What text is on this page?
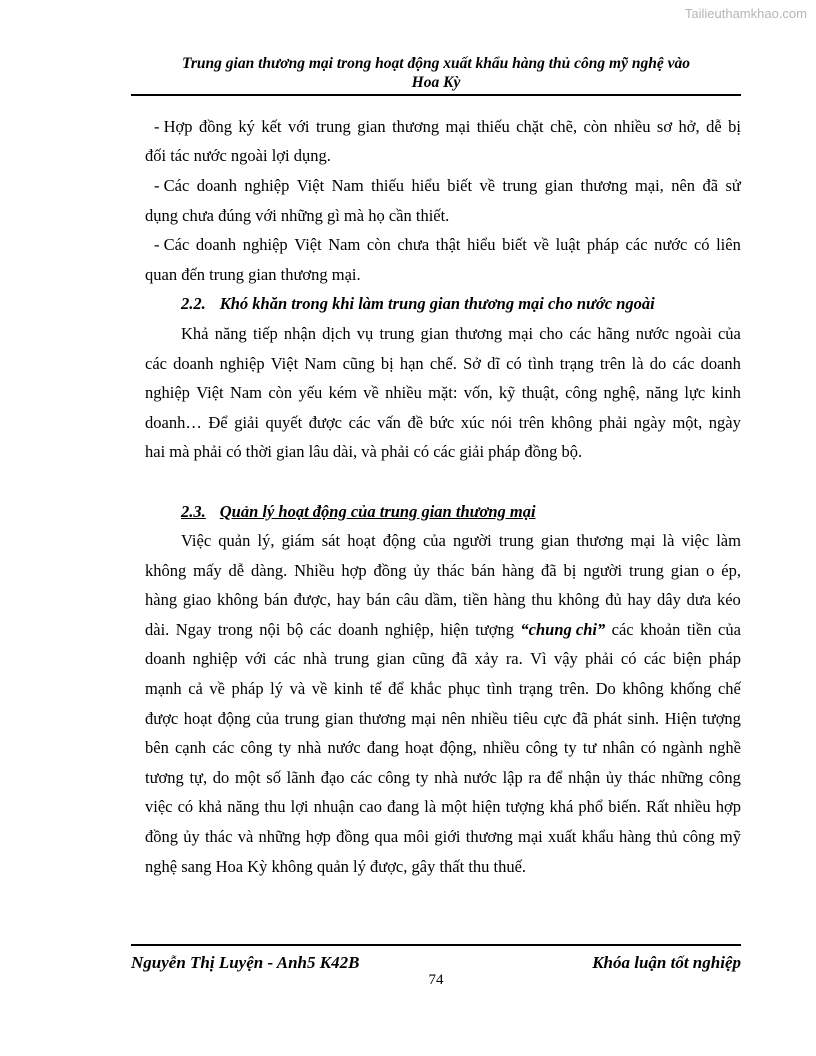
Tailieuthamkhao.com
Trung gian thương mại trong hoạt động xuất khẩu hàng thủ công mỹ nghệ vào
Hoa Kỳ
- Hợp đồng ký kết với trung gian thương mại thiếu chặt chẽ, còn nhiều sơ hở, dễ bị
đối tác nước ngoài lợi dụng.
- Các doanh nghiệp Việt Nam thiếu hiểu biết về trung gian thương mại, nên đã sử
dụng chưa đúng với những gì mà họ cần thiết.
- Các doanh nghiệp Việt Nam còn chưa thật hiểu biết về luật pháp các nước có liên
quan đến trung gian thương mại.
2.2. Khó khăn trong khi làm trung gian thương mại cho nước ngoài
Khả năng tiếp nhận dịch vụ trung gian thương mại cho các hãng nước ngoài của
các doanh nghiệp Việt Nam cũng bị hạn chế. Sở dĩ có tình trạng trên là do các doanh
nghiệp Việt Nam còn yếu kém về nhiều mặt: vốn, kỹ thuật, công nghệ, năng lực kinh
doanh… Để giải quyết được các vấn đề bức xúc nói trên không phải ngày một, ngày
hai mà phải có thời gian lâu dài, và phải có các giải pháp đồng bộ.
2.3. Quản lý hoạt động của trung gian thương mại
Việc quản lý, giám sát hoạt động của người trung gian thương mại là việc làm
không mấy dễ dàng. Nhiều hợp đồng ủy thác bán hàng đã bị người trung gian o ép,
hàng giao không bán được, hay bán câu dầm, tiền hàng thu không đủ hay dây dưa kéo
dài. Ngay trong nội bộ các doanh nghiệp, hiện tượng “chung chi” các khoản tiền của
doanh nghiệp với các nhà trung gian cũng đã xảy ra. Vì vậy phải có các biện pháp
mạnh cả về pháp lý và về kinh tế để khắc phục tình trạng trên. Do không khống chế
được hoạt động của trung gian thương mại nên nhiều tiêu cực đã phát sinh. Hiện tượng
bên cạnh các công ty nhà nước đang hoạt động, nhiều công ty tư nhân có ngành nghề
tương tự, do một số lãnh đạo các công ty nhà nước lập ra để nhận ủy thác những công
việc có khả năng thu lợi nhuận cao đang là một hiện tượng khá phổ biến. Rất nhiều hợp
đồng ủy thác và những hợp đồng qua môi giới thương mại xuất khẩu hàng thủ công mỹ
nghệ sang Hoa Kỳ không quản lý được, gây thất thu thuế.
Nguyễn Thị Luyện - Anh5 K42B	Khóa luận tốt nghiệp
74
